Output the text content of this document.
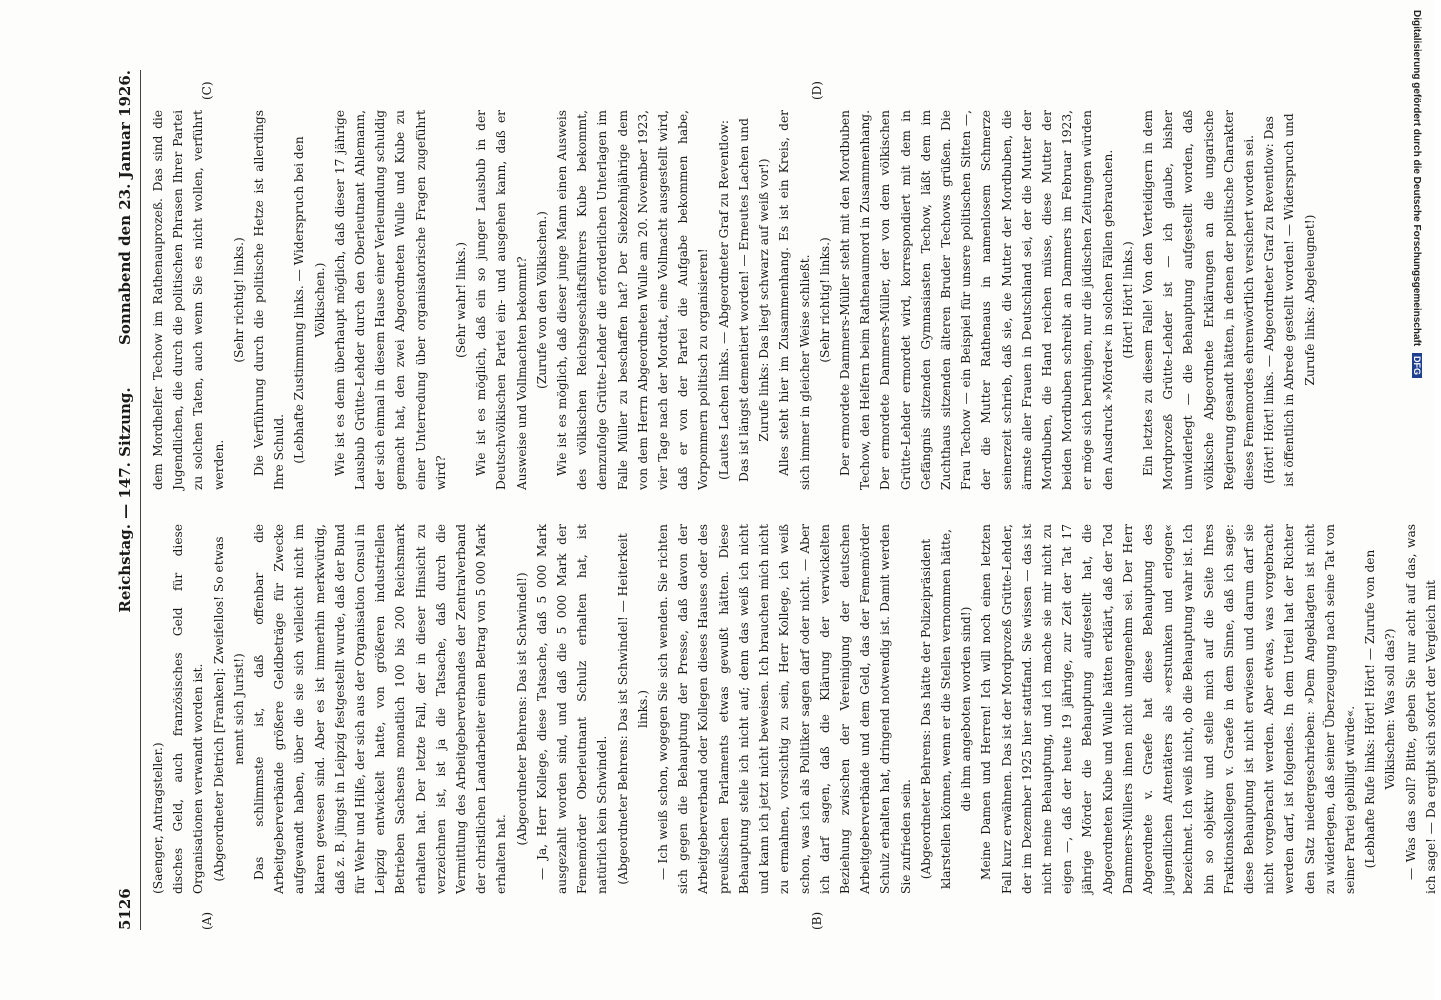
5126
Reichstag. — 147. Sitzung.
Sonnabend den 23. Januar 1926.
(A)	(B)
(C)	(D)

(Saenger, Antragsteller.) disches Geld, auch französisches Geld für diese Organisationen verwandt worden ist. (Abgeordneter Dietrich [Franken]: Zweifellos! So etwas nennt sich Jurist!) Das schlimmste ist, daß offenbar die Arbeitgeberverbände größere Geldbeträge für Zwecke aufgewandt haben, über die sie sich vielleicht nicht im klaren gewesen sind. Aber es ist immerhin merkwürdig, daß z. B. jüngst in Leipzig festgestellt wurde, daß der Bund für Wehr und Hilfe, der sich aus der Organisation Consul in Leipzig entwickelt hatte, von größeren industriellen Betrieben Sachsens monatlich 100 bis 200 Reichsmark erhalten hat. Der letzte Fall, der in dieser Hinsicht zu verzeichnen ist, ist ja die Tatsache, daß durch die Vermittlung des Arbeitgeberverbandes der Zentralverband der christlichen Landarbeiter einen Betrag von 5 000 Mark erhalten hat.

(Abgeordneter Behrens: Das ist Schwindel!) — Ja, Herr Kollege, diese Tatsache, daß 5 000 Mark ausgezahlt worden sind, und daß die 5 000 Mark der Fememörder Oberleutnant Schulz erhalten hat, ist natürlich kein Schwindel. (Abgeordneter Behrens: Das ist Schwindel! — Heiterkeit links.) — Ich weiß schon, wogegen Sie sich wenden. Sie richten sich gegen die Behauptung der Presse, daß davon der Arbeitgeberverband oder Kollegen dieses Hauses oder des preußischen Parlaments etwas gewußt hätten. Diese Behauptung stelle ich nicht auf; denn das weiß ich nicht und kann ich jetzt nicht beweisen. Ich brauchen mich nicht zu ermahnen, vorsichtig zu sein, Herr Kollege, ich weiß schon, was ich als Politiker sagen darf oder nicht. — Aber ich darf sagen, daß die Klärung der verwickelten Beziehung zwischen der Vereinigung der deutschen Arbeitgeberverbände und dem Geld, das der Fememörder Schulz erhalten hat, dringend notwendig ist. Damit werden Sie zufrieden sein. (Abgeordneter Behrens: Das hätte der Polizeipräsident klarstellen können, wenn er die Stellen vernommen hätte, die ihm angeboten worden sind!) Meine Damen und Herren! Ich will noch einen letzten Fall kurz erwähnen. Das ist der Mordprozeß Grütte-Lehder, der im Dezember 1925 hier stattfand. Sie wissen — das ist nicht meine Behauptung, und ich mache sie mir nicht zu eigen —, daß der heute 19 jährige, zur Zeit der Tat 17 jährige Mörder die Behauptung aufgestellt hat, die Abgeordneten Kube und Wulle hätten erklärt, daß der Tod Dammers-Müllers ihnen nicht unangenehm sei. Der Herr Abgeordnete v. Graefe hat diese Behauptung des jugendlichen Attentäters als »erstunken und erlogen« bezeichnet. Ich weiß nicht, ob die Behauptung wahr ist. Ich bin so objektiv und stelle mich auf die Seite Ihres Fraktionskollegen v. Graefe in dem Sinne, daß ich sage: diese Behauptung ist nicht erwiesen und darum darf sie nicht vorgebracht werden. Aber etwas, was vorgebracht werden darf, ist folgendes. In dem Urteil hat der Richter den Satz niedergeschrieben: »Dem Angeklagten ist nicht zu widerlegen, daß seiner Überzeugung nach seine Tat von seiner Partei gebilligt würde«. (Lebhafte Rufe links: Hört! Hört! — Zurufe von den Völkischen: Was soll das?) — Was das soll? Bitte, geben Sie nur acht auf das, was ich sage! — Da ergibt sich sofort der Vergleich mit

dem Mordhelfer Techow im Rathenauprozeß. Das sind die Jugendlichen, die durch die politischen Phrasen Ihrer Partei zu solchen Taten, auch wenn Sie es nicht wollen, verführt werden.

(Sehr richtig! links.) Die Verführung durch die politische Hetze ist allerdings Ihre Schuld. (Lebhafte Zustimmung links. — Widerspruch bei den Völkischen.) Wie ist es denn überhaupt möglich, daß dieser 17 jährige Lausbub Grütte-Lehder durch den Oberleutnant Ahlemann, der sich einmal in diesem Hause einer Verleumdung schuldig gemacht hat, den zwei Abgeordneten Wulle und Kube zu einer Unterredung über organisatorische Fragen zugeführt wird?

(Sehr wahr! links.) Wie ist es möglich, daß ein so junger Lausbub in der Deutschvölkischen Partei ein- und ausgehen kann, daß er Ausweise und Vollmachten bekommt? (Zurufe von den Völkischen.) Wie ist es möglich, daß dieser junge Mann einen Ausweis des völkischen Reichsgeschäftsführers Kube bekommt, demzufolge Grütte-Lehder die erforderlichen Unterlagen im Falle Müller zu beschaffen hat? Der Siebzehnjährige dem von dem Herrn Abgeordneten Wulle am 20. November 1923, vier Tage nach der Mordtat, eine Vollmacht ausgestellt wird, daß er von der Partei die Aufgabe bekommen habe, Vorpommern politisch zu organisieren! (Lautes Lachen links. — Abgeordneter Graf zu Reventlow: Das ist längst dementiert worden! — Erneutes Lachen und Zurufe links: Das liegt schwarz auf weiß vor!) Alles steht hier im Zusammenhang. Es ist ein Kreis, der sich immer in gleicher Weise schließt. (Sehr richtig! links.) Der ermordete Dammers-Müller steht mit den Mordbuben Techow, den Helfern beim Rathenaumord in Zusammenhang. Der ermordete Dammers-Müller, der von dem völkischen Grütte-Lehder ermordet wird, korrespondiert mit dem in Gefängnis sitzenden Gymnasiasten Techow, läßt dem im Zuchthaus sitzenden älteren Bruder Techows grüßen. Die Frau Techow — ein Beispiel für unsere politischen Sitten —, der die Mutter Rathenaus in namenlosem Schmerze seinerzeit schrieb, daß sie, die Mutter der Mordbuben, die ärmste aller Frauen in Deutschland sei, der die Mutter der Mordbuben, die Hand reichen müsse, diese Mutter der beiden Mordbuben schreibt an Dammers im Februar 1923, er möge sich beruhigen, nur die jüdischen Zeitungen würden den Ausdruck »Mörder« in solchen Fällen gebrauchen. (Hört! Hört! links.) Ein letztes zu diesem Falle! Von den Verteidigern in dem Mordprozeß Grütte-Lehder ist — ich glaube, bisher unwiderlegt — die Behauptung aufgestellt worden, daß völkische Abgeordnete Erklärungen an die ungarische Regierung gesandt hätten, in denen der politische Charakter dieses Fememordes ehrenwörtlich versichert worden sei. (Hört! Hört! links. — Abgeordneter Graf zu Reventlow: Das ist öffentlich in Abrede gestellt worden! — Widerspruch und Zurufe links: Abgeleugnet!)	Digitalisierung gefördert durch die Deutsche Forschungsgemeinschaft DFG
